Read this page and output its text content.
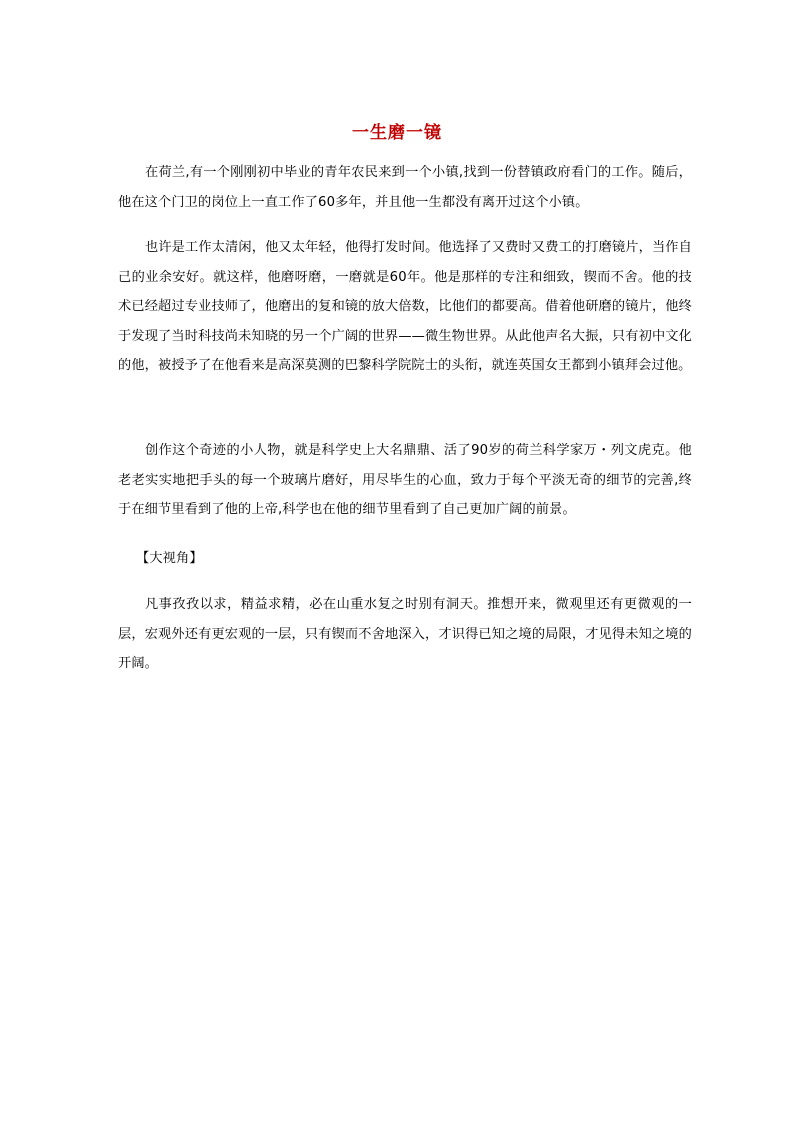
一生磨一镜

在荷兰,有一个刚刚初中毕业的青年农民来到一个小镇,找到一份替镇政府看门的工作。随后，他在这个门卫的岗位上一直工作了60多年，并且他一生都没有离开过这个小镇。

也许是工作太清闲，他又太年轻，他得打发时间。他选择了又费时又费工的打磨镜片，当作自己的业余安好。就这样，他磨呀磨，一磨就是60年。他是那样的专注和细致，锲而不舍。他的技术已经超过专业技师了，他磨出的复和镜的放大倍数，比他们的都要高。借着他研磨的镜片，他终于发现了当时科技尚未知晓的另一个广阔的世界——微生物世界。从此他声名大振，只有初中文化的他，被授予了在他看来是高深莫测的巴黎科学院院士的头衔，就连英国女王都到小镇拜会过他。

创作这个奇迹的小人物，就是科学史上大名鼎鼎、活了90岁的荷兰科学家万・列文虎克。他老老实实地把手头的每一个玻璃片磨好，用尽毕生的心血，致力于每个平淡无奇的细节的完善,终于在细节里看到了他的上帝,科学也在他的细节里看到了自己更加广阔的前景。

【大视角】

凡事孜孜以求，精益求精，必在山重水复之时别有洞天。推想开来，微观里还有更微观的一层，宏观外还有更宏观的一层，只有锲而不舍地深入，才识得已知之境的局限，才见得未知之境的开阔。
